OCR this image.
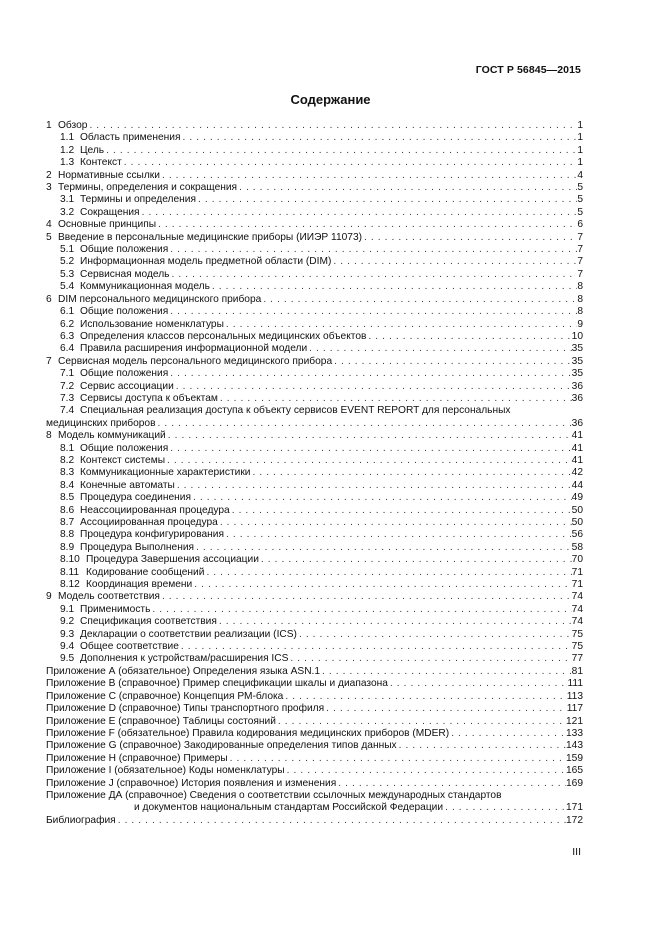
ГОСТ Р 56845—2015
Содержание
1 Обзор . . .	1
1.1 Область применения . . .	1
1.2 Цель . . .	1
1.3 Контекст . . .	1
2 Нормативные ссылки . . .	4
3 Термины, определения и сокращения . . .	5
3.1 Термины и определения . . .	5
3.2 Сокращения . . .	5
4 Основные принципы . . .	6
5 Введение в персональные медицинские приборы (ИИЭР 11073) . . .	7
5.1 Общие положения . . .	7
5.2 Информационная модель предметной области (DIM) . . .	7
5.3 Сервисная модель . . .	7
5.4 Коммуникационная модель . . .	8
6 DIM персонального медицинского прибора . . .	8
6.1 Общие положения . . .	8
6.2 Использование номенклатуры . . .	9
6.3 Определения классов персональных медицинских объектов . . .	10
6.4 Правила расширения информационной модели . . .	35
7 Сервисная модель персонального медицинского прибора . . .	35
7.1 Общие положения . . .	35
7.2 Сервис ассоциации . . .	36
7.3 Сервисы доступа к объектам . . .	36
7.4 Специальная реализация доступа к объекту сервисов EVENT REPORT для персональных
медицинских приборов . . .	36
8 Модель коммуникаций . . .	41
8.1 Общие положения . . .	41
8.2 Контекст системы . . .	41
8.3 Коммуникационные характеристики . . .	42
8.4 Конечные автоматы . . .	44
8.5 Процедура соединения . . .	49
8.6 Неассоциированная процедура . . .	50
8.7 Ассоциированная процедура . . .	50
8.8 Процедура конфигурирования . . .	56
8.9 Процедура Выполнения . . .	58
8.10 Процедура Завершения ассоциации . . .	70
8.11 Кодирование сообщений . . .	71
8.12 Координация времени . . .	71
9 Модель соответствия . . .	74
9.1 Применимость . . .	74
9.2 Спецификация соответствия . . .	74
9.3 Декларации о соответствии реализации (ICS) . . .	75
9.4 Общее соответствие . . .	75
9.5 Дополнения к устройствам/расширения ICS . . .	77
Приложение А (обязательное) Определения языка ASN.1 . . .	81
Приложение В (справочное) Пример спецификации шкалы и диапазона . . .	111
Приложение С (справочное) Концепция РМ-блока . . .	113
Приложение D (справочное) Типы транспортного профиля . . .	117
Приложение Е (справочное) Таблицы состояний . . .	121
Приложение F (обязательное) Правила кодирования медицинских приборов (MDER) . . .	133
Приложение G (справочное) Закодированные определения типов данных . . .	143
Приложение Н (справочное) Примеры . . .	159
Приложение I (обязательное) Коды номенклатуры . . .	165
Приложение J (справочное) История появления и изменения . . .	169
Приложение ДА (справочное) Сведения о соответствии ссылочных международных стандартов
и документов национальным стандартам Российской Федерации . . .	171
Библиография . . .	172
III
